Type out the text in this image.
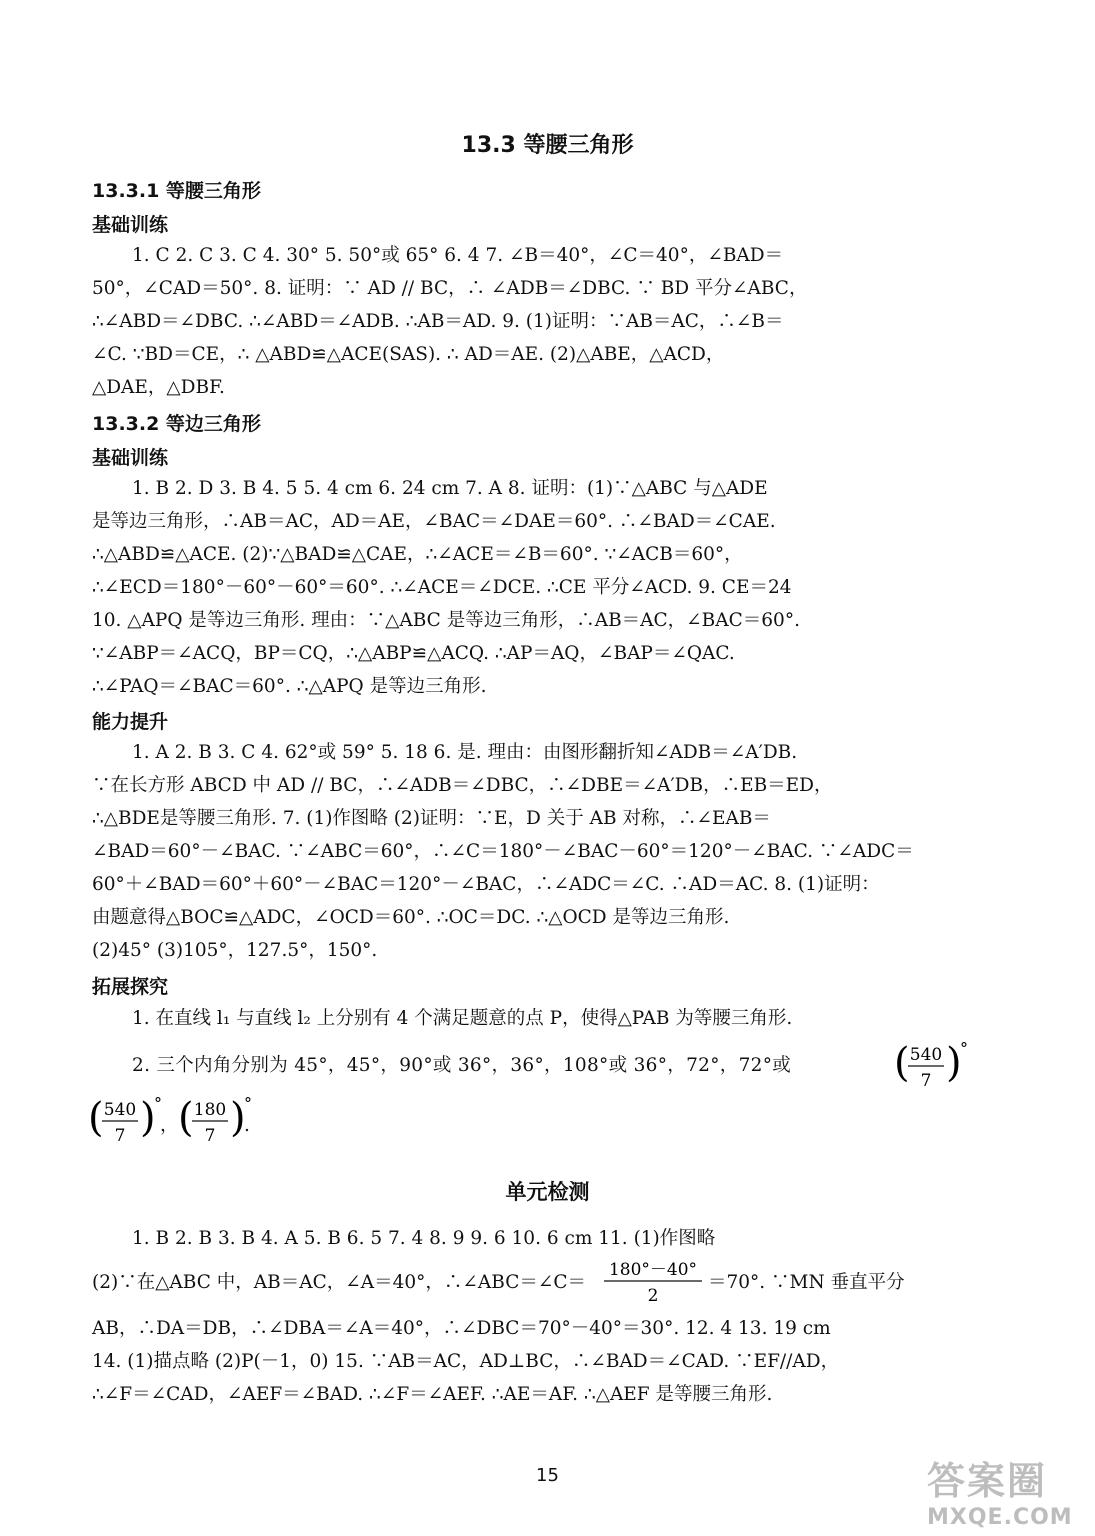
13.3 等腰三角形
13.3.1 等腰三角形
基础训练
1. C 2. C 3. C 4. 30° 5. 50°或 65° 6. 4 7. ∠B＝40°，∠C＝40°，∠BAD＝
50°，∠CAD＝50°. 8. 证明：∵ AD // BC，∴ ∠ADB＝∠DBC. ∵ BD 平分∠ABC，
∴∠ABD＝∠DBC. ∴∠ABD＝∠ADB. ∴AB＝AD. 9. (1)证明：∵AB＝AC，∴∠B＝
∠C. ∵BD＝CE，∴ △ABD≌△ACE(SAS). ∴ AD＝AE. (2)△ABE，△ACD，
△DAE，△DBF.
13.3.2 等边三角形
基础训练
1. B 2. D 3. B 4. 5 5. 4 cm 6. 24 cm 7. A 8. 证明：(1)∵△ABC 与△ADE
是等边三角形，∴AB＝AC，AD＝AE，∠BAC＝∠DAE＝60°. ∴∠BAD＝∠CAE.
∴△ABD≌△ACE. (2)∵△BAD≌△CAE，∴∠ACE＝∠B＝60°. ∵∠ACB＝60°，
∴∠ECD＝180°－60°－60°＝60°. ∴∠ACE＝∠DCE. ∴CE 平分∠ACD. 9. CE＝24
10. △APQ 是等边三角形. 理由：∵△ABC 是等边三角形，∴AB＝AC，∠BAC＝60°.
∵∠ABP＝∠ACQ，BP＝CQ，∴△ABP≌△ACQ. ∴AP＝AQ，∠BAP＝∠QAC.
∴∠PAQ＝∠BAC＝60°. ∴△APQ 是等边三角形.
能力提升
1. A 2. B 3. C 4. 62°或 59° 5. 18 6. 是. 理由：由图形翻折知∠ADB＝∠A′DB.
∵在长方形 ABCD 中 AD // BC，∴∠ADB＝∠DBC，∴∠DBE＝∠A′DB，∴EB＝ED，
∴△BDE是等腰三角形. 7. (1)作图略 (2)证明：∵E，D 关于 AB 对称，∴∠EAB＝
∠BAD＝60°－∠BAC. ∵∠ABC＝60°，∴∠C＝180°－∠BAC－60°＝120°－∠BAC. ∵∠ADC＝
60°＋∠BAD＝60°＋60°－∠BAC＝120°－∠BAC，∴∠ADC＝∠C. ∴AD＝AC. 8. (1)证明：
由题意得△BOC≌△ADC，∠OCD＝60°. ∴OC＝DC. ∴△OCD 是等边三角形.
(2)45° (3)105°，127.5°，150°.
拓展探究
1. 在直线 l₁ 与直线 l₂ 上分别有 4 个满足题意的点 P，使得△PAB 为等腰三角形.
2. 三个内角分别为 45°，45°，90°或 36°，36°，108°或 36°，72°，72°或	( 540
7 )
°
( 540
7 )
°
， ( 180
7 )
°
.
单元检测
1. B 2. B 3. B 4. A 5. B 6. 5 7. 4 8. 9 9. 6 10. 6 cm 11. (1)作图略
(2)∵在△ABC 中，AB＝AC，∠A＝40°，∴∠ABC＝∠C＝
180°－40°
2
＝70°. ∵MN 垂直平分
AB，∴DA＝DB，∴∠DBA＝∠A＝40°，∴∠DBC＝70°－40°＝30°. 12. 4 13. 19 cm
14. (1)描点略 (2)P(－1，0) 15. ∵AB＝AC，AD⊥BC，∴∠BAD＝∠CAD. ∵EF//AD，
∴∠F＝∠CAD，∠AEF＝∠BAD. ∴∠F＝∠AEF. ∴AE＝AF. ∴△AEF 是等腰三角形.
15	答案圈
MXQE.COM
